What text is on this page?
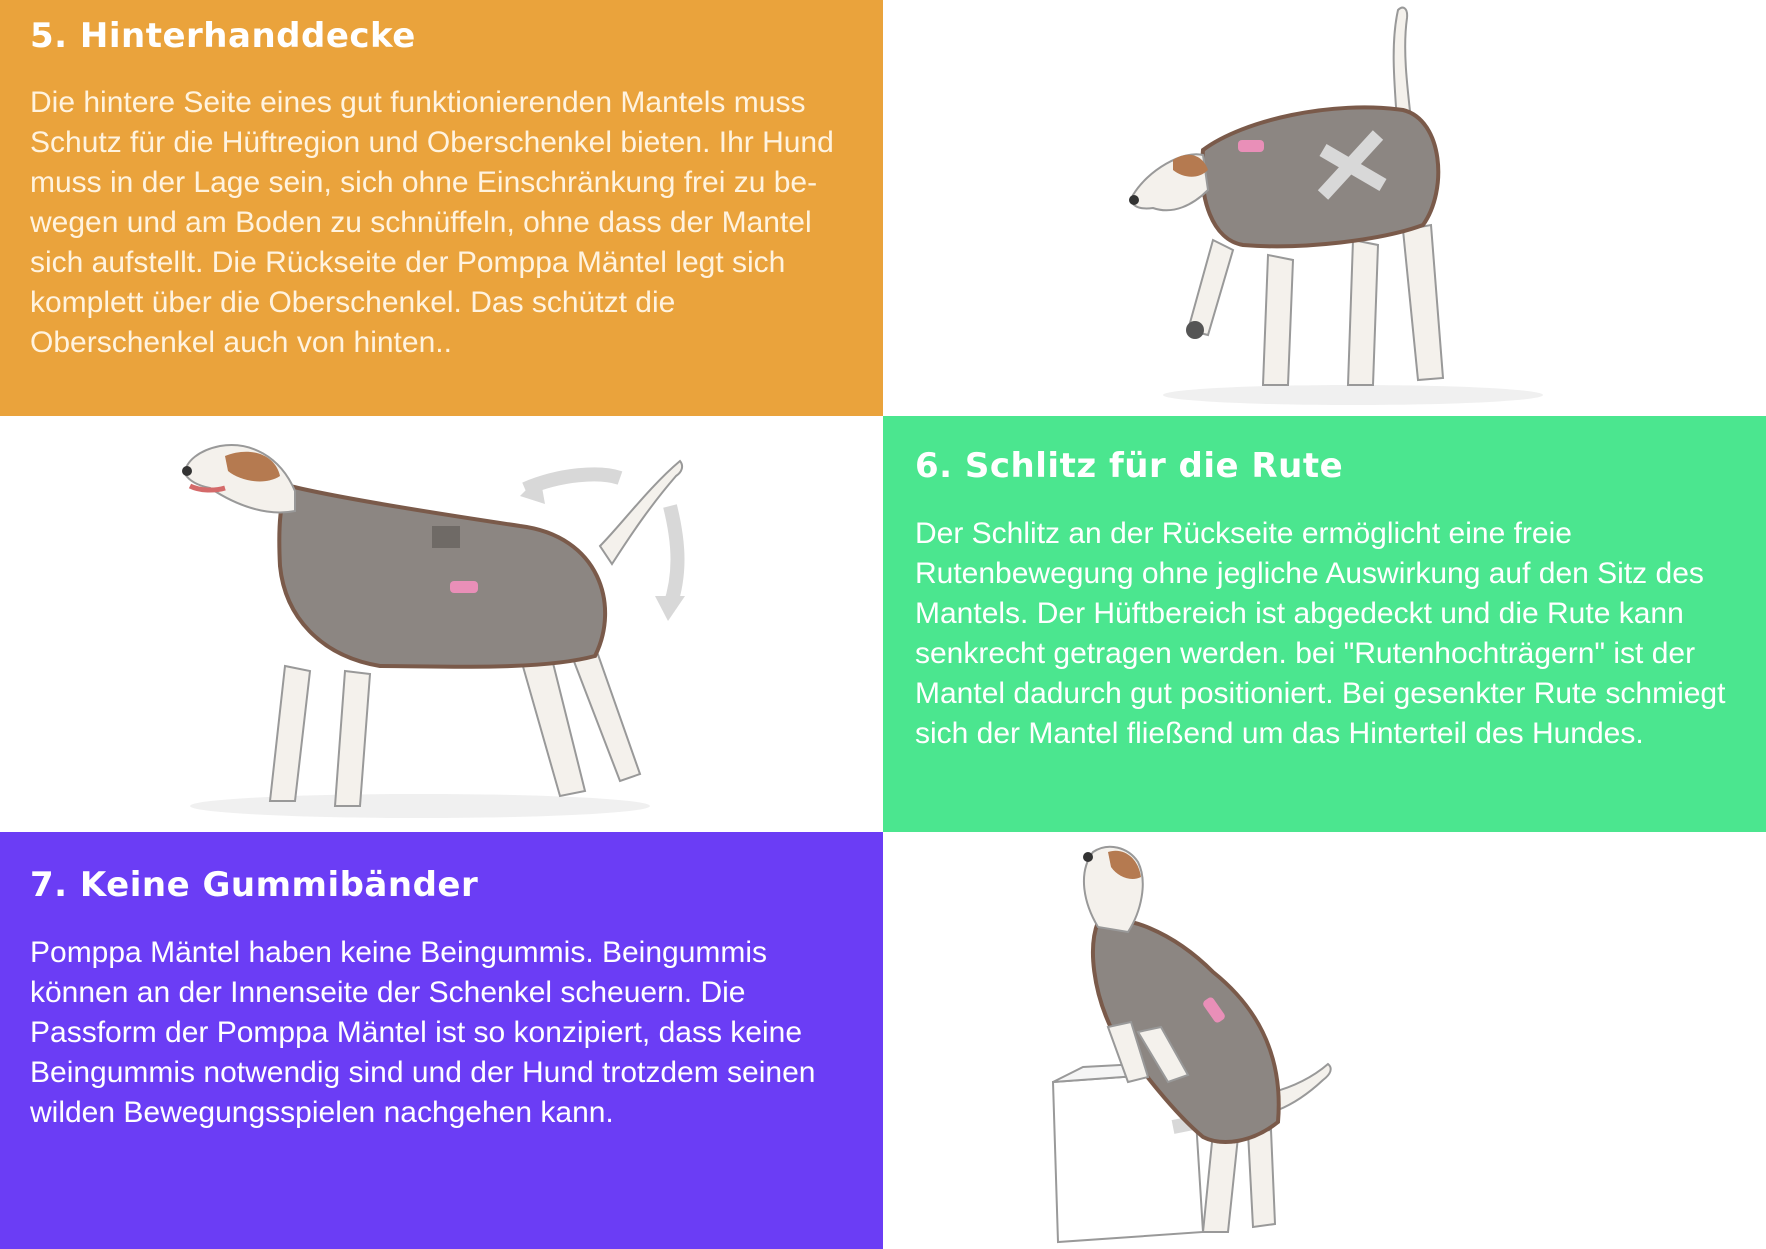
5. Hinterhanddecke

Die hintere Seite eines gut funktionierenden Mantels muss Schutz für die Hüftregion und Oberschenkel bieten. Ihr Hund muss in der Lage sein, sich ohne Einschränkung frei zu be-wegen und am Boden zu schnüffeln, ohne dass der Mantel sich aufstellt. Die Rückseite der Pomppa Mäntel legt sich komplett über die Oberschenkel. Das schützt die Oberschenkel auch von hinten..

6. Schlitz für die Rute

Der Schlitz an der Rückseite ermöglicht eine freie Rutenbewegung ohne jegliche Auswirkung auf den Sitz des Mantels. Der Hüftbereich ist abgedeckt und die Rute kann senkrecht getragen werden. bei "Rutenhochträgern" ist der Mantel dadurch gut positioniert. Bei gesenkter Rute schmiegt sich der Mantel fließend um das Hinterteil des Hundes.

7. Keine Gummibänder

Pomppa Mäntel haben keine Beingummis. Beingummis können an der Innenseite der Schenkel scheuern. Die Passform der Pomppa Mäntel ist so konzipiert, dass keine Beingummis notwendig sind und der Hund trotzdem seinen wilden Bewegungsspielen nachgehen kann.
